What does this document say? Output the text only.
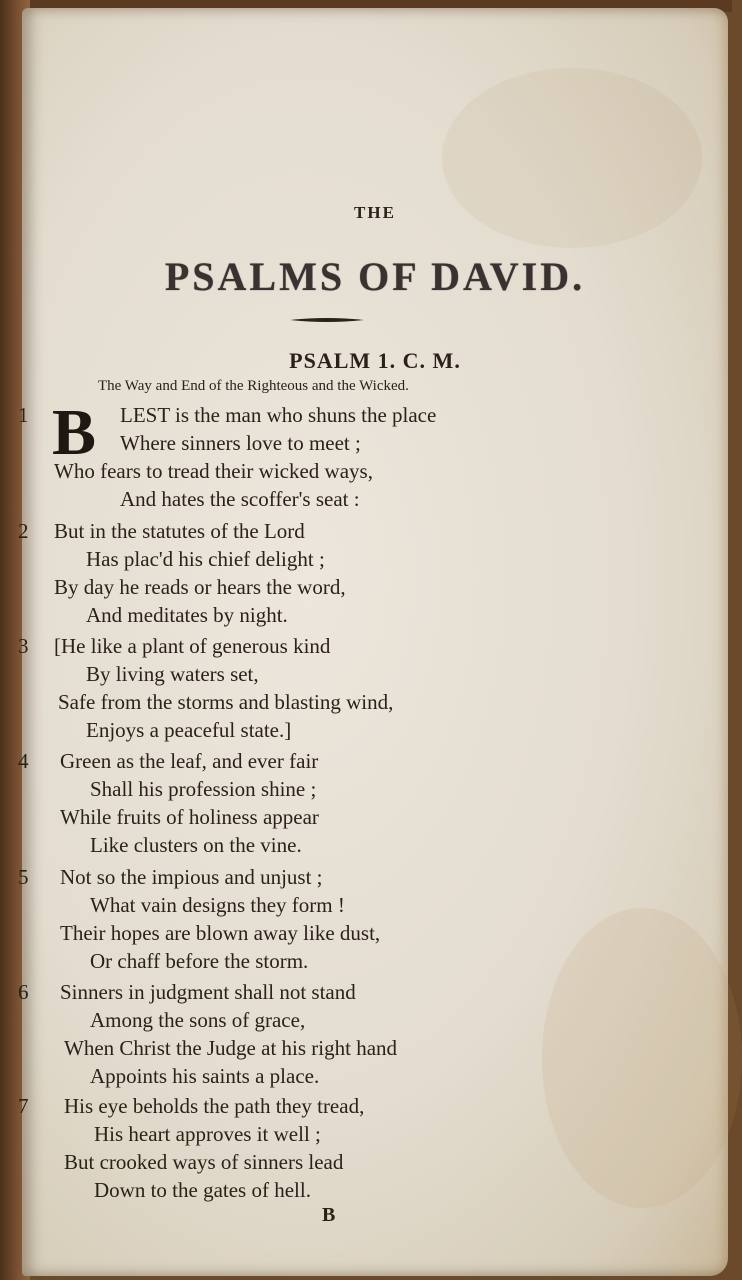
THE
PSALMS OF DAVID.
PSALM 1. C. M.
The Way and End of the Righteous and the Wicked.
B
B
1	LEST is the man who shuns the place
Where sinners love to meet ;
Who fears to tread their wicked ways,
And hates the scoffer's seat :
2 But in the statutes of the Lord
Has plac'd his chief delight ;
By day he reads or hears the word,
And meditates by night.
3 [He like a plant of generous kind
By living waters set,
Safe from the storms and blasting wind,
Enjoys a peaceful state.]
4 Green as the leaf, and ever fair
Shall his profession shine ;
While fruits of holiness appear
Like clusters on the vine.
5 Not so the impious and unjust ;
What vain designs they form !
Their hopes are blown away like dust,
Or chaff before the storm.
6 Sinners in judgment shall not stand
Among the sons of grace,
When Christ the Judge at his right hand
Appoints his saints a place.
7 His eye beholds the path they tread,
His heart approves it well ;
But crooked ways of sinners lead
Down to the gates of hell.
